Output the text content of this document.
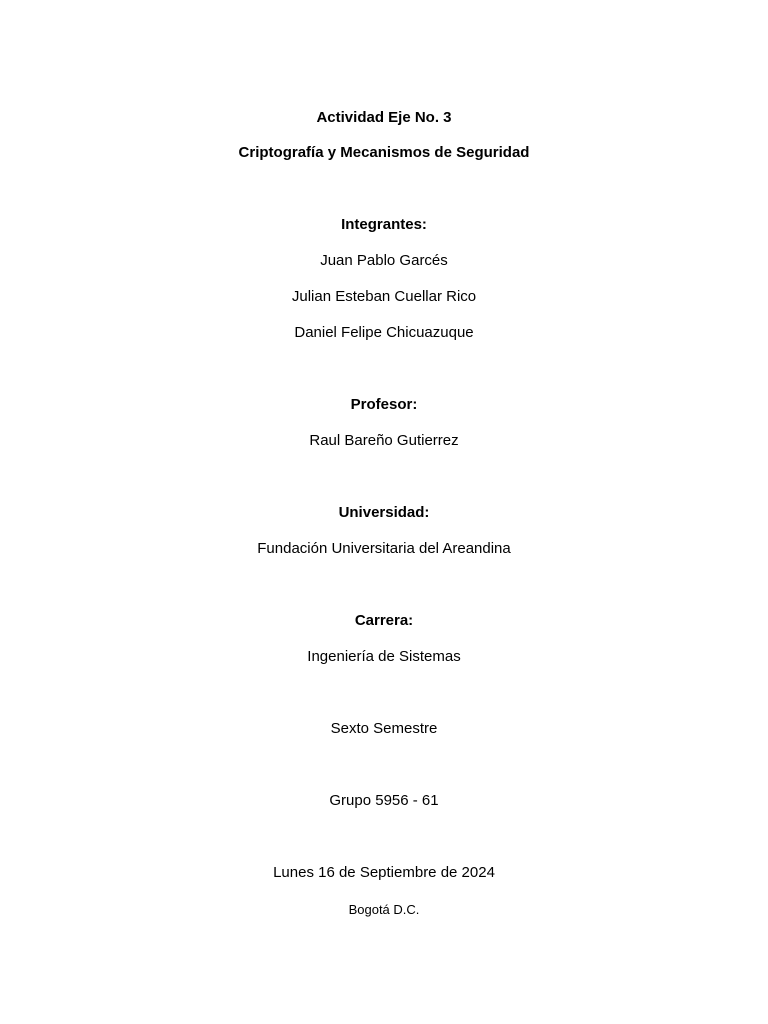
Actividad Eje No. 3
Criptografía y Mecanismos de Seguridad
Integrantes:
Juan Pablo Garcés
Julian Esteban Cuellar Rico
Daniel Felipe Chicuazuque
Profesor:
Raul Bareño Gutierrez
Universidad:
Fundación Universitaria del Areandina
Carrera:
Ingeniería de Sistemas
Sexto Semestre
Grupo 5956 - 61
Lunes 16 de Septiembre de 2024
Bogotá D.C.
